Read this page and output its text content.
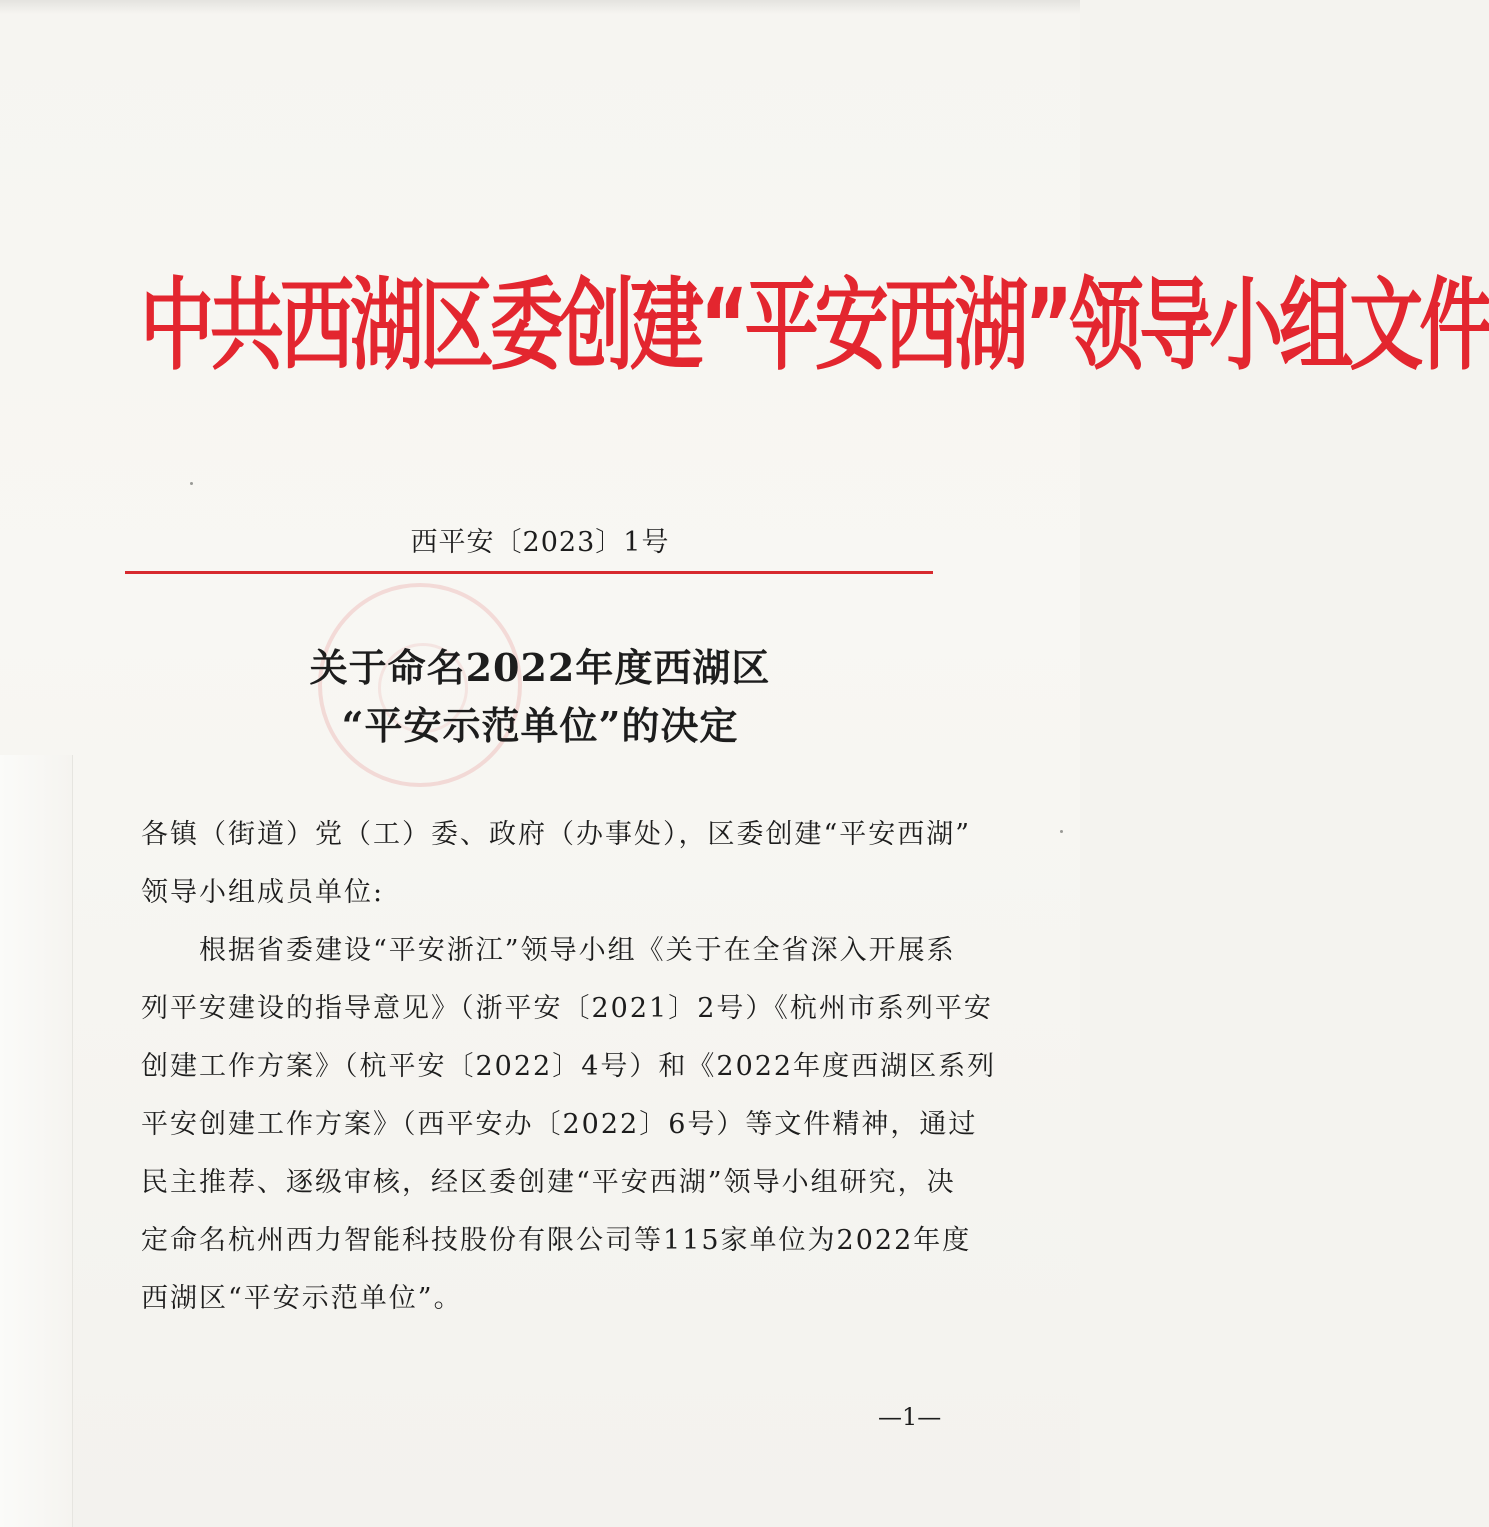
中共西湖区委创建“平安西湖”领导小组文件
西平安〔2023〕1号
关于命名2022年度西湖区
“平安示范单位”的决定
各镇（街道）党（工）委、政府（办事处），区委创建“平安西湖”
领导小组成员单位:
　　根据省委建设“平安浙江”领导小组《关于在全省深入开展系
列平安建设的指导意见》（浙平安〔2021〕2号）《杭州市系列平安
创建工作方案》（杭平安〔2022〕4号）和《2022年度西湖区系列
平安创建工作方案》（西平安办〔2022〕6号）等文件精神，通过
民主推荐、逐级审核，经区委创建“平安西湖”领导小组研究，决
定命名杭州西力智能科技股份有限公司等115家单位为2022年度
西湖区“平安示范单位”。
—1—
